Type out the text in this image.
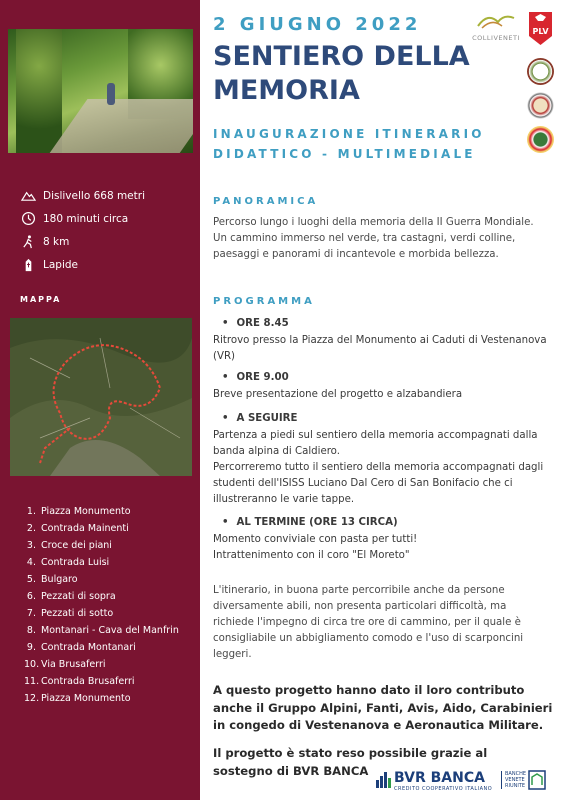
Dislivello 668 metri
180 minuti circa
8 km
Lapide
MAPPA
1. Piazza Monumento
2. Contrada Mainenti
3. Croce dei piani
4. Contrada Luisi
5. Bulgaro
6. Pezzati di sopra
7. Pezzati di sotto
8. Montanari - Cava del Manfrin
9. Contrada Montanari
10. Via Brusaferri
11. Contrada Brusaferri
12. Piazza Monumento
2 GIUGNO 2022
SENTIERO DELLA MEMORIA
INAUGURAZIONE ITINERARIO DIDATTICO - MULTIMEDIALE
COLLIVENETI
PLV
PANORAMICA
Percorso lungo i luoghi della memoria della II Guerra Mondiale. Un cammino immerso nel verde, tra castagni, verdi colline, paesaggi e panorami di incantevole e morbida bellezza.
PROGRAMMA
• ORE 8.45
Ritrovo presso la Piazza del Monumento ai Caduti di Vestenanova (VR)
• ORE 9.00
Breve presentazione del progetto e alzabandiera
• A SEGUIRE
Partenza a piedi sul sentiero della memoria accompagnati dalla banda alpina di Caldiero.
Percorreremo tutto il sentiero della memoria accompagnati dagli studenti dell'ISISS Luciano Dal Cero di San Bonifacio che ci illustreranno le varie tappe.
• AL TERMINE (ORE 13 CIRCA)
Momento conviviale con pasta per tutti!
Intrattenimento con il coro "El Moreto"
L'itinerario, in buona parte percorribile anche da persone diversamente abili, non presenta particolari difficoltà, ma richiede l'impegno di circa tre ore di cammino, per il quale è consigliabile un abbigliamento comodo e l'uso di scarponcini leggeri.
A questo progetto hanno dato il loro contributo anche il Gruppo Alpini, Fanti, Avis, Aido, Carabinieri in congedo di Vestenanova e Aeronautica Militare.
Il progetto è stato reso possibile grazie al sostegno di BVR BANCA	BVR BANCA
CREDITO COOPERATIVO ITALIANO
BANCHE
VENETE
RIUNITE
